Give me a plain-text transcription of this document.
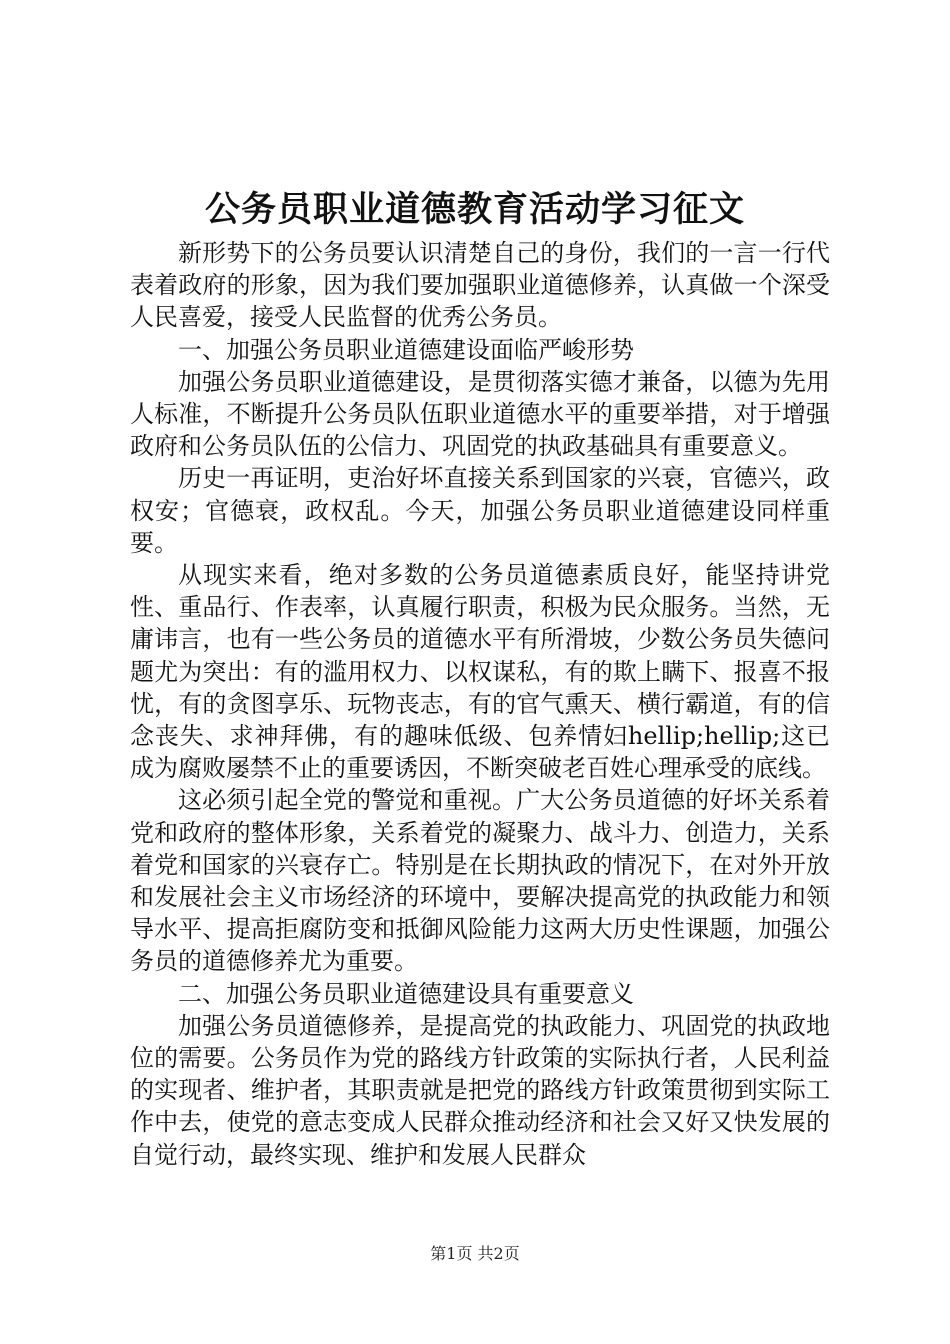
公务员职业道德教育活动学习征文

新形势下的公务员要认识清楚自己的身份，我们的一言一行代表着政府的形象，因为我们要加强职业道德修养，认真做一个深受人民喜爱，接受人民监督的优秀公务员。

一、加强公务员职业道德建设面临严峻形势

加强公务员职业道德建设，是贯彻落实德才兼备，以德为先用人标准，不断提升公务员队伍职业道德水平的重要举措，对于增强政府和公务员队伍的公信力、巩固党的执政基础具有重要意义。

历史一再证明，吏治好坏直接关系到国家的兴衰，官德兴，政权安；官德衰，政权乱。今天，加强公务员职业道德建设同样重要。

从现实来看，绝对多数的公务员道德素质良好，能坚持讲党性、重品行、作表率，认真履行职责，积极为民众服务。当然，无庸讳言，也有一些公务员的道德水平有所滑坡，少数公务员失德问题尤为突出：有的滥用权力、以权谋私，有的欺上瞒下、报喜不报忧，有的贪图享乐、玩物丧志，有的官气熏天、横行霸道，有的信念丧失、求神拜佛，有的趣味低级、包养情妇hellip;hellip;这已成为腐败屡禁不止的重要诱因，不断突破老百姓心理承受的底线。

这必须引起全党的警觉和重视。广大公务员道德的好坏关系着党和政府的整体形象，关系着党的凝聚力、战斗力、创造力，关系着党和国家的兴衰存亡。特别是在长期执政的情况下，在对外开放和发展社会主义市场经济的环境中，要解决提高党的执政能力和领导水平、提高拒腐防变和抵御风险能力这两大历史性课题，加强公务员的道德修养尤为重要。

二、加强公务员职业道德建设具有重要意义

加强公务员道德修养，是提高党的执政能力、巩固党的执政地位的需要。公务员作为党的路线方针政策的实际执行者，人民利益的实现者、维护者，其职责就是把党的路线方针政策贯彻到实际工作中去，使党的意志变成人民群众推动经济和社会又好又快发展的自觉行动，最终实现、维护和发展人民群众

第1页 共2页
